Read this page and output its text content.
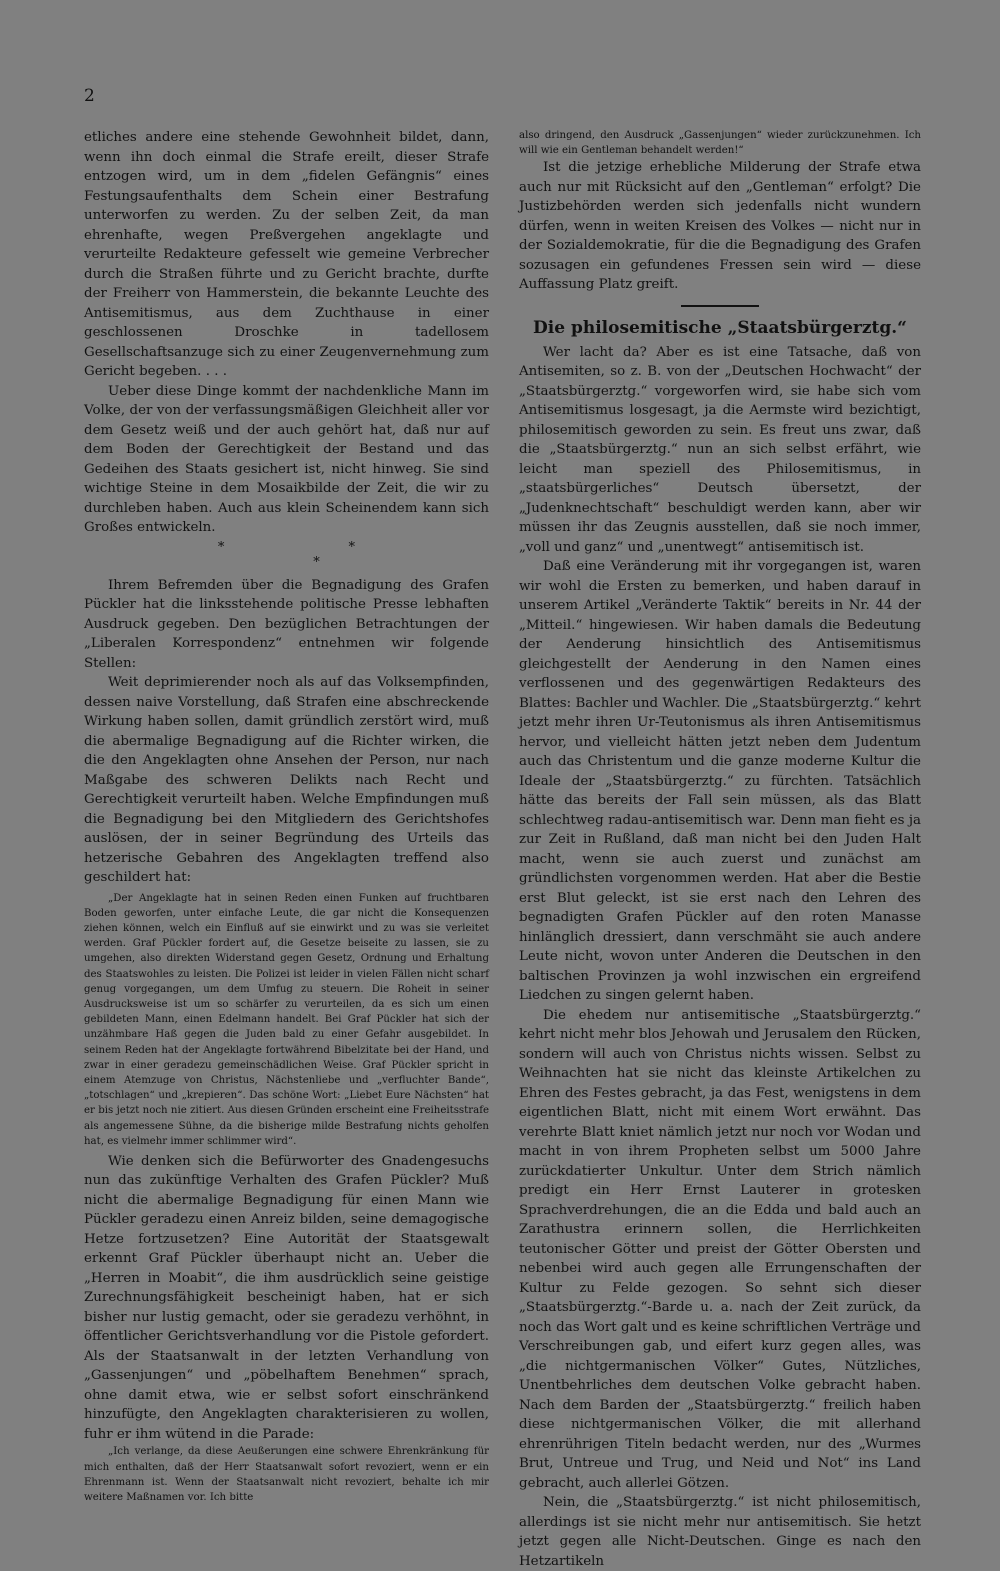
2

etliches andere eine stehende Gewohnheit bildet, dann, wenn ihn doch einmal die Strafe ereilt, dieser Strafe entzogen wird, um in dem „fidelen Gefängnis“ eines Festungsaufenthalts dem Schein einer Bestrafung unterworfen zu werden. Zu der selben Zeit, da man ehrenhafte, wegen Preßvergehen angeklagte und verurteilte Redakteure gefesselt wie gemeine Verbrecher durch die Straßen führte und zu Gericht brachte, durfte der Freiherr von Hammerstein, die bekannte Leuchte des Antisemitismus, aus dem Zuchthause in einer geschlossenen Droschke in tadellosem Gesellschaftsanzuge sich zu einer Zeugenvernehmung zum Gericht begeben. . . .

Ueber diese Dinge kommt der nachdenkliche Mann im Volke, der von der verfassungsmäßigen Gleichheit aller vor dem Gesetz weiß und der auch gehört hat, daß nur auf dem Boden der Gerechtigkeit der Bestand und das Gedeihen des Staats gesichert ist, nicht hinweg. Sie sind wichtige Steine in dem Mosaikbilde der Zeit, die wir zu durchleben haben. Auch aus klein Scheinendem kann sich Großes entwickeln.

* *
*

Ihrem Befremden über die Begnadigung des Grafen Pückler hat die linksstehende politische Presse lebhaften Ausdruck gegeben. Den bezüglichen Betrachtungen der „Liberalen Korrespondenz“ entnehmen wir folgende Stellen:

Weit deprimierender noch als auf das Volksempfinden, dessen naive Vorstellung, daß Strafen eine abschreckende Wirkung haben sollen, damit gründlich zerstört wird, muß die abermalige Begnadigung auf die Richter wirken, die die den Angeklagten ohne Ansehen der Person, nur nach Maßgabe des schweren Delikts nach Recht und Gerechtigkeit verurteilt haben. Welche Empfindungen muß die Begnadigung bei den Mitgliedern des Gerichtshofes auslösen, der in seiner Begründung des Urteils das hetzerische Gebahren des Angeklagten treffend also geschildert hat:

„Der Angeklagte hat in seinen Reden einen Funken auf fruchtbaren Boden geworfen, unter einfache Leute, die gar nicht die Konsequenzen ziehen können, welch ein Einfluß auf sie einwirkt und zu was sie verleitet werden. Graf Pückler fordert auf, die Gesetze beiseite zu lassen, sie zu umgehen, also direkten Widerstand gegen Gesetz, Ordnung und Erhaltung des Staatswohles zu leisten. Die Polizei ist leider in vielen Fällen nicht scharf genug vorgegangen, um dem Umfug zu steuern. Die Roheit in seiner Ausdrucksweise ist um so schärfer zu verurteilen, da es sich um einen gebildeten Mann, einen Edelmann handelt. Bei Graf Pückler hat sich der unzähmbare Haß gegen die Juden bald zu einer Gefahr ausgebildet. In seinem Reden hat der Angeklagte fortwährend Bibelzitate bei der Hand, und zwar in einer geradezu gemeinschädlichen Weise. Graf Pückler spricht in einem Atemzuge von Christus, Nächstenliebe und „verfluchter Bande“, „totschlagen“ und „krepieren“. Das schöne Wort: „Liebet Eure Nächsten“ hat er bis jetzt noch nie zitiert. Aus diesen Gründen erscheint eine Freiheitsstrafe als angemessene Sühne, da die bisherige milde Bestrafung nichts geholfen hat, es vielmehr immer schlimmer wird“.

Wie denken sich die Befürworter des Gnadengesuchs nun das zukünftige Verhalten des Grafen Pückler? Muß nicht die abermalige Begnadigung für einen Mann wie Pückler geradezu einen Anreiz bilden, seine demagogische Hetze fortzusetzen? Eine Autorität der Staatsgewalt erkennt Graf Pückler überhaupt nicht an. Ueber die „Herren in Moabit“, die ihm ausdrücklich seine geistige Zurechnungsfähigkeit bescheinigt haben, hat er sich bisher nur lustig gemacht, oder sie geradezu verhöhnt, in öffentlicher Gerichtsverhandlung vor die Pistole gefordert. Als der Staatsanwalt in der letzten Verhandlung von „Gassenjungen“ und „pöbelhaftem Benehmen“ sprach, ohne damit etwa, wie er selbst sofort einschränkend hinzufügte, den Angeklagten charakterisieren zu wollen, fuhr er ihm wütend in die Parade:

„Ich verlange, da diese Aeußerungen eine schwere Ehrenkränkung für mich enthalten, daß der Herr Staatsanwalt sofort revoziert, wenn er ein Ehrenmann ist. Wenn der Staatsanwalt nicht revoziert, behalte ich mir weitere Maßnamen vor. Ich bitte

also dringend, den Ausdruck „Gassenjungen“ wieder zurückzunehmen. Ich will wie ein Gentleman behandelt werden!“

Ist die jetzige erhebliche Milderung der Strafe etwa auch nur mit Rücksicht auf den „Gentleman“ erfolgt? Die Justizbehörden werden sich jedenfalls nicht wundern dürfen, wenn in weiten Kreisen des Volkes — nicht nur in der Sozialdemokratie, für die die Begnadigung des Grafen sozusagen ein gefundenes Fressen sein wird — diese Auffassung Platz greift.

Die philosemitische „Staatsbürgerztg.“

Wer lacht da? Aber es ist eine Tatsache, daß von Antisemiten, so z. B. von der „Deutschen Hochwacht“ der „Staatsbürgerztg.“ vorgeworfen wird, sie habe sich vom Antisemitismus losgesagt, ja die Aermste wird bezichtigt, philosemitisch geworden zu sein. Es freut uns zwar, daß die „Staatsbürgerztg.“ nun an sich selbst erfährt, wie leicht man speziell des Philosemitismus, in „staatsbürgerliches“ Deutsch übersetzt, der „Judenknechtschaft“ beschuldigt werden kann, aber wir müssen ihr das Zeugnis ausstellen, daß sie noch immer, „voll und ganz“ und „unentwegt“ antisemitisch ist.

Daß eine Veränderung mit ihr vorgegangen ist, waren wir wohl die Ersten zu bemerken, und haben darauf in unserem Artikel „Veränderte Taktik“ bereits in Nr. 44 der „Mitteil.“ hingewiesen. Wir haben damals die Bedeutung der Aenderung hinsichtlich des Antisemitismus gleichgestellt der Aenderung in den Namen eines verflossenen und des gegenwärtigen Redakteurs des Blattes: Bachler und Wachler. Die „Staatsbürgerztg.“ kehrt jetzt mehr ihren Ur-Teutonismus als ihren Antisemitismus hervor, und vielleicht hätten jetzt neben dem Judentum auch das Christentum und die ganze moderne Kultur die Ideale der „Staatsbürgerztg.“ zu fürchten. Tatsächlich hätte das bereits der Fall sein müssen, als das Blatt schlechtweg radau-antisemitisch war. Denn man fieht es ja zur Zeit in Rußland, daß man nicht bei den Juden Halt macht, wenn sie auch zuerst und zunächst am gründlichsten vorgenommen werden. Hat aber die Bestie erst Blut geleckt, ist sie erst nach den Lehren des begnadigten Grafen Pückler auf den roten Manasse hinlänglich dressiert, dann verschmäht sie auch andere Leute nicht, wovon unter Anderen die Deutschen in den baltischen Provinzen ja wohl inzwischen ein ergreifend Liedchen zu singen gelernt haben.

Die ehedem nur antisemitische „Staatsbürgerztg.“ kehrt nicht mehr blos Jehowah und Jerusalem den Rücken, sondern will auch von Christus nichts wissen. Selbst zu Weihnachten hat sie nicht das kleinste Artikelchen zu Ehren des Festes gebracht, ja das Fest, wenigstens in dem eigentlichen Blatt, nicht mit einem Wort erwähnt. Das verehrte Blatt kniet nämlich jetzt nur noch vor Wodan und macht in von ihrem Propheten selbst um 5000 Jahre zurückdatierter Unkultur. Unter dem Strich nämlich predigt ein Herr Ernst Lauterer in grotesken Sprachverdrehungen, die an die Edda und bald auch an Zarathustra erinnern sollen, die Herrlichkeiten teutonischer Götter und preist der Götter Obersten und nebenbei wird auch gegen alle Errungenschaften der Kultur zu Felde gezogen. So sehnt sich dieser „Staatsbürgerztg.“-Barde u. a. nach der Zeit zurück, da noch das Wort galt und es keine schriftlichen Verträge und Verschreibungen gab, und eifert kurz gegen alles, was „die nichtgermanischen Völker“ Gutes, Nützliches, Unentbehrliches dem deutschen Volke gebracht haben. Nach dem Barden der „Staatsbürgerztg.“ freilich haben diese nichtgermanischen Völker, die mit allerhand ehrenrührigen Titeln bedacht werden, nur des „Wurmes Brut, Untreue und Trug, und Neid und Not“ ins Land gebracht, auch allerlei Götzen.

Nein, die „Staatsbürgerztg.“ ist nicht philosemitisch, allerdings ist sie nicht mehr nur antisemitisch. Sie hetzt jetzt gegen alle Nicht-Deutschen. Ginge es nach den Hetzartikeln
